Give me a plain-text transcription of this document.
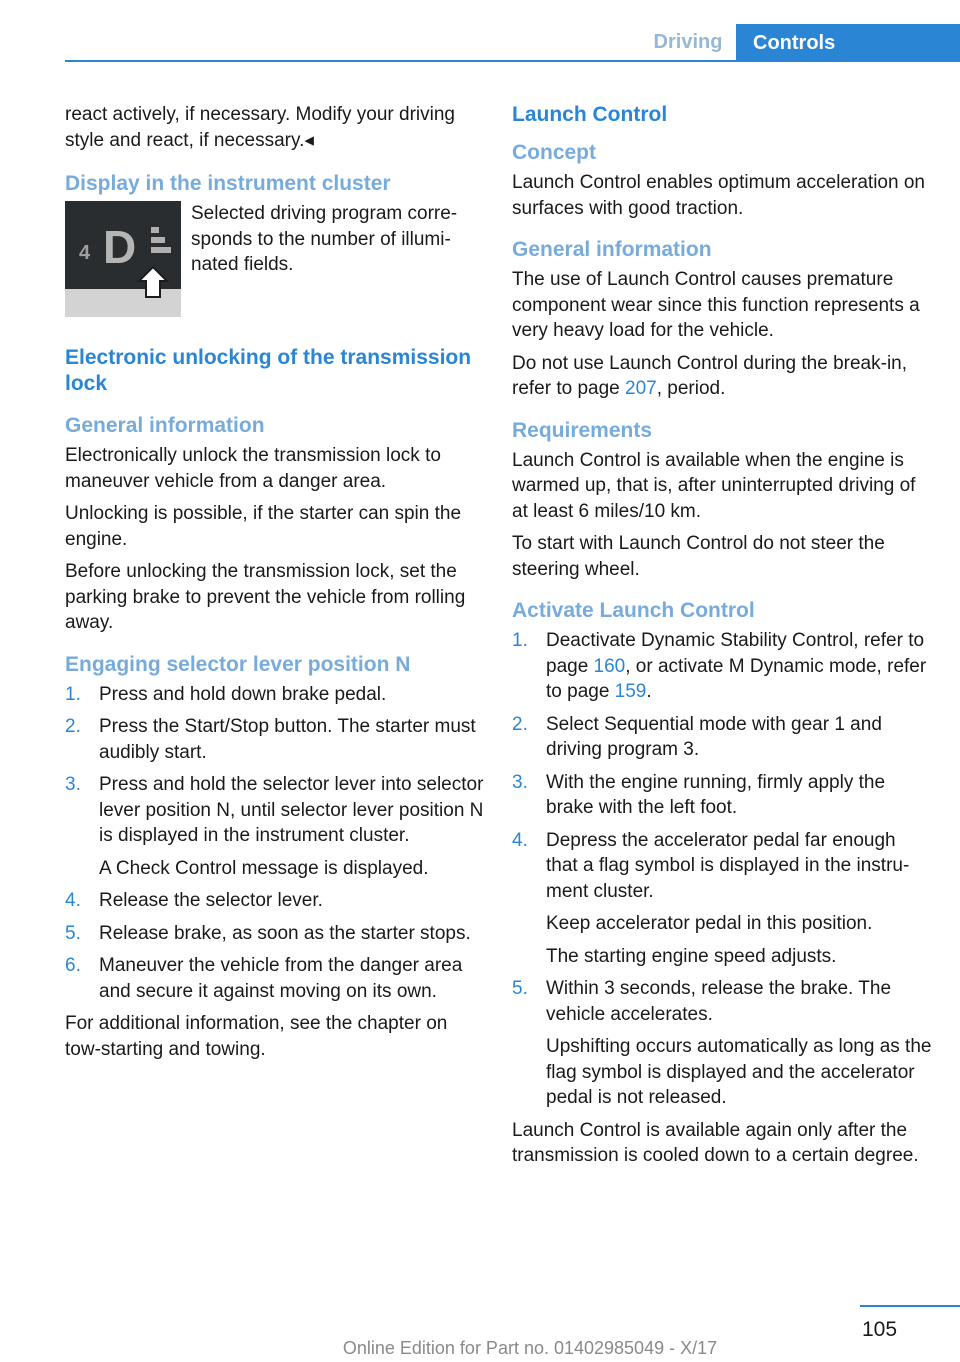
Driving	Controls

react actively, if necessary. Modify your driving style and react, if necessary.◂

Display in the instrument cluster
4 D

Selected driving program corresponds to the number of illuminated fields.

Electronic unlocking of the transmission lock
General information

Electronically unlock the transmission lock to maneuver vehicle from a danger area.

Unlocking is possible, if the starter can spin the engine.

Before unlocking the transmission lock, set the parking brake to prevent the vehicle from rolling away.

Engaging selector lever position N
1. Press and hold down brake pedal.
2. Press the Start/Stop button. The starter must audibly start.
3. Press and hold the selector lever into selector lever position N, until selector lever position N is displayed in the instrument cluster.
A Check Control message is displayed.
4. Release the selector lever.
5. Release brake, as soon as the starter stops.
6. Maneuver the vehicle from the danger area and secure it against moving on its own.

For additional information, see the chapter on tow-starting and towing.

Launch Control
Concept

Launch Control enables optimum acceleration on surfaces with good traction.

General information

The use of Launch Control causes premature component wear since this function represents a very heavy load for the vehicle.

Do not use Launch Control during the break-in, refer to page 207, period.

Requirements

Launch Control is available when the engine is warmed up, that is, after uninterrupted driving of at least 6 miles/10 km.

To start with Launch Control do not steer the steering wheel.

Activate Launch Control
1. Deactivate Dynamic Stability Control, refer to page 160, or activate M Dynamic mode, refer to page 159.
2. Select Sequential mode with gear 1 and driving program 3.
3. With the engine running, firmly apply the brake with the left foot.
4. Depress the accelerator pedal far enough that a flag symbol is displayed in the instrument cluster.
Keep accelerator pedal in this position.
The starting engine speed adjusts.
5. Within 3 seconds, release the brake. The vehicle accelerates.
Upshifting occurs automatically as long as the flag symbol is displayed and the accelerator pedal is not released.

Launch Control is available again only after the transmission is cooled down to a certain degree.

105
Online Edition for Part no. 01402985049 - X/17
